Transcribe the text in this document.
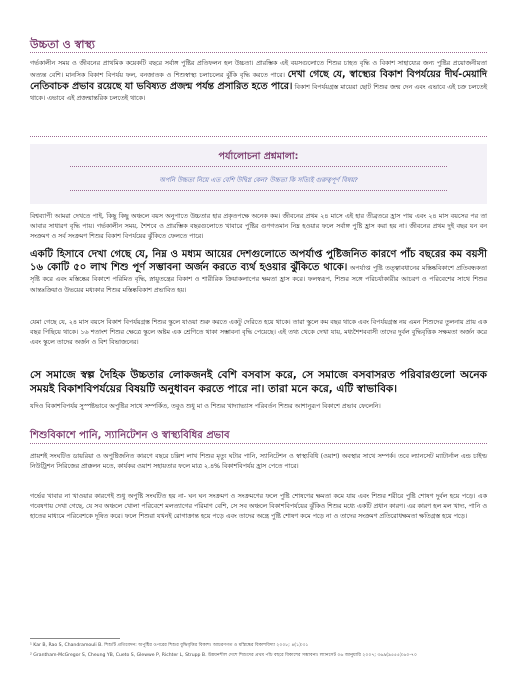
উচ্চতা ও স্বাস্থ্য
গর্ভকালীন সময় ও জীবনের প্রাথমিক কয়েকটি বছরে সর্বাঙ্গ পুষ্টির প্রতিফলন হল উচ্চতা। প্রারম্ভিক এই বয়সগুলোতে শিশুর চাহত বৃদ্ধি ও বিকাশ সাহায্যের জন্য পুষ্টির প্রয়োজনীয়তা অত্যন্ত বেশি। মানসিক বিকাশ বিপর্যয় ফল, বনজাতক ও শিশুস্বাস্থ্য চলাচলের ঝুঁকি বৃদ্ধি করতে পারে। দেখা গেছে যে, স্বাস্থ্যের বিকাশ বিপর্যয়ের দীর্ঘ-মেয়াদি নেতিবাচক প্রভাব রয়েছে যা ভবিষ্যত প্রজন্ম পর্যন্ত প্রসারিত হতে পারে। বিকাশ বিপর্যয়গ্রস্ত মায়েরা ছোট শিশুর জন্ম দেন এবং এভাবে এই চক্র চলতেই থাকে। এভাবে এই প্রজন্মান্তরিক চলতেই থাকে।
পর্যালোচনা প্রশ্নমালা:
অপনি উচ্চতা নিয়ে এত বেশি উদ্বিগ্ন কেন? উচ্চতা কি সত্যিই গুরুত্বপূর্ণ বিষয়?
বিশ্বব্যাপী আমরা দেখতে পাই, কিছু কিছু অঞ্চলে বয়স অনুপাতে উচ্চতার হার প্রকৃতপক্ষে অনেক কম। জীবনের প্রথম ২৪ মাসে এই হার তীব্রতরে হ্রাস পায় এবং ২৪ মাস বয়সের পর তা আবার সাধারণ বৃদ্ধি পায়। গর্ভকালীন সময়, শৈশবে ও প্রারম্ভিক বছরগুলোতে খাবারে পুষ্টির গুণগতমান নিম্ন হওয়ার ফলে সর্বাঙ্গ পুষ্টি হ্রাস করা হয় না। জীবনের প্রথম দুই বছর যন বন সংক্রমণ ও সর্ব সংক্রমণ শিশুর বিকাশ বিপর্যয়ের ঝুঁকিতে ফেলতে পারে।
একটি হিসাবে দেখা গেছে যে, নিম্ন ও মধ্যম আয়ের দেশগুলোতে অপর্যাপ্ত পুষ্টিজনিত কারণে পাঁচ বছরের কম বয়সী ১৬ কোটি ৫০ লাখ শিশু পূর্ণ সম্ভাবনা অর্জন করতে ব্যর্থ হওয়ার ঝুঁকিতে থাকে। অপর্যাপ্ত পুষ্টি তত্ত্বাবধানের মস্তিষ্কবিকাশে প্রতিবন্ধকতা সৃষ্টি করে এবং মস্তিষ্কের বিকাশে পরিমিত বৃদ্ধি, স্নায়ুতন্ত্রের বিকাশ ও শারীরিক ক্রিয়াকলাপের ক্ষমতা হ্রাস করে। ফলস্বরূপ, শিশুর সঙ্গে পরিচর্যাকারীর আচরণ ও পরিবেশের সাথে শিশুর আন্তঃক্রিয়াও উভয়ের মধ্যকার শিশুর মস্তিষ্কবিকাশ প্রভাবিত হয়।
যেমা গেছে যে, ২৪ মাস বয়সে বিকাশ বিপর্যয়গ্রস্ত শিশুর স্কুলে যাওয়া শুরু করতে একটু দেরিতে হয়ে থাকে। তারা স্কুলে কম বছর থাকে এবং বিপর্যয়গ্রস্ত নয় এমন শিশুদের তুলনায় প্রায় এক বছর পিছিয়ে থাকে। ১৬ শতাংশ শিশুর ক্ষেত্রে স্কুলে অষ্টম এক শ্রেণিতে থাকা সম্ভাবনা বৃদ্ধি পেয়েছে। এই তথ্য থেকে দেখা যায়, মধ্যশৈশববাসী তাদের দুর্বল বুদ্ধিবৃত্তিক সক্ষমতা অর্জন করে এবং স্কুলে তাদের অর্জন ও বিশ বিভাজনের।
সে সমাজে স্বল্প দৈহিক উচ্চতার লোকজনই বেশি বসবাস করে, সে সমাজে বসবাসরত পরিবারগুলো অনেক সময়ই বিকাশবিপর্যয়ের বিষয়টি অনুধাবন করতে পারে না। তারা মনে করে, এটি স্বাভাবিক।
যদিও বিকাশবিপর্যয় সুস্পষ্টভাবে অপুষ্টির সাথে সম্পর্কিত, তবুও শুধু মা ও শিশুর খাদ্যাভ্যাস পরিবর্তন শিশুর আশানুরূপ বিকাশে প্রভাব ফেলেনি।
শিশুবিকাশে পানি, স্যানিটেশন ও স্বাস্থ্যবিধির প্রভাব
প্রায়শই সংঘটিত ডায়রিয়া ও অপুষ্টিজনিত কারণে বছরে চল্লিশ লাখ শিশুর মৃত্যু ঘটার পানি, স্যানিটেশন ও স্বাস্থ্যবিধি (ওয়াশ) অবস্থার সাথে সম্পর্ক। তবে ল্যানসেট ম্যাটার্নাল এন্ড চাইল্ড নিউট্রিশন সিরিজের প্রাক্কলন মতে, কার্যকর ওয়াশ সহায়তার ফলে মাত্র ২.৪% বিকাশবিপর্যয় হ্রাস পেতে পারে।
গর্ভের খাবার না খাওয়ার কারণেই শুধু অপুষ্টি সংঘটিত হয় না- ঘন ঘন সংক্রমণ ও সংক্রমণের ফলে পুষ্টি শোষণের ক্ষমতা কমে যায় এবং শিশুর শরীরে পুষ্টি শোষণ দুর্বল হয়ে পড়ে। এক গবেষণায় দেখা গেছে, যে সব অঞ্চলে খোলা পরিবেশে মলত্যাগের পরিমাণ বেশি, সে সব অঞ্চলে বিকাশবিপর্যয়ের ঝুঁকিও শিশুর মধ্যে একটি প্রধান কারণ। এর কারণ হল মল খাদ্য, পানি ও হাতের মাধ্যমে পরিবেশকে দূষিত করে। ফলে শিশুরা যখনই রোগাক্রান্ত হয়ে পড়ে এবং তাদের অন্ত্রে পুষ্টি শোষণ কমে পড়ে না ও তাদের সংক্রমণ প্রতিরোধক্ষমতা ক্ষতিগ্রস্ত হয়ে পড়ে।
¹ Kar B, Rao S, Chandramouli B. শিশুটি প্রতিবেদন: অপুষ্টির ওপরের শিশুর বুদ্ধিবৃত্তির বিকাশ। আচরণগত ও মস্তিষ্কের বিকাশবিদ্যা ২০০৮; ৪(১):৩১
² Grantham-McGregor S, Cheung YB, Cueto S, Glewwe P, Richter L, Strupp B. উন্নয়নশীল দেশে শিশুদের প্রথম পাঁচ বছরে বিকাশের সম্ভাবনা। ল্যানসেট ০৬ জানুয়ারি ২০০৭; ৩৬৯(৯৫৫৫):৬০-৭০
